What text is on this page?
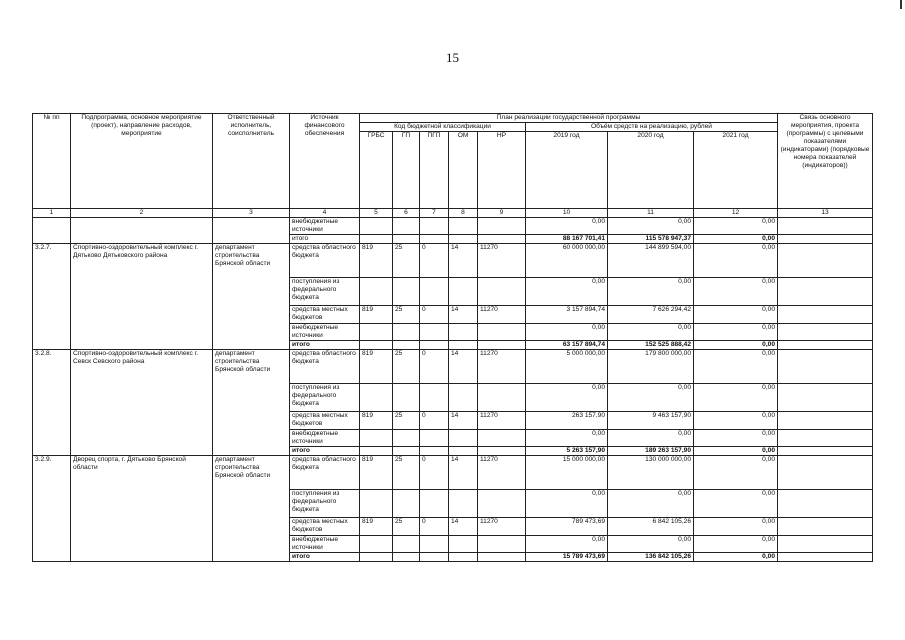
15
№ пп	Подпрограмма, основное мероприятие (проект), направление расходов, мероприятие	Ответственный исполнитель, соисполнитель	Источник финансового обеспечения	План реализации государственной программы								Связь основного мероприятия, проекта (программы) с целевыми показателями (индикаторами) (порядковые номера показателей (индикаторов))
				Код бюджетной классификации					Объём средств на реализацию, рублей			
				ГРБС	ГП	ПГП	ОМ	НР	2019 год	2020 год	2021 год	
1	2	3	4	5	6	7	8	9	10	11	12	13
			внебюджетные источники						0,00	0,00	0,00	
			итого						88 167 701,41	115 578 947,37	0,00	
3.2.7.	Спортивно-оздоровительный комплекс г. Дятьково Дятьковского района	департамент строительства Брянской области	средства областного бюджета	819	25	0	14	11270	60 000 000,00	144 899 594,00	0,00	
			поступления из федерального бюджета						0,00	0,00	0,00	
			средства местных бюджетов	819	25	0	14	11270	3 157 894,74	7 626 294,42	0,00	
			внебюджетные источники						0,00	0,00	0,00	
			итого						63 157 894,74	152 525 888,42	0,00	
3.2.8.	Спортивно-оздоровительный комплекс г. Севск Севского района	департамент строительства Брянской области	средства областного бюджета	819	25	0	14	11270	5 000 000,00	179 800 000,00	0,00	
			поступления из федерального бюджета						0,00	0,00	0,00	
			средства местных бюджетов	819	25	0	14	11270	263 157,90	9 463 157,90	0,00	
			внебюджетные источники						0,00	0,00	0,00	
			итого						5 263 157,90	189 263 157,90	0,00	
3.2.9.	Дворец спорта, г. Дятьково Брянской области	департамент строительства Брянской области	средства областного бюджета	819	25	0	14	11270	15 000 000,00	130 000 000,00	0,00	
			поступления из федерального бюджета						0,00	0,00	0,00	
			средства местных бюджетов	819	25	0	14	11270	789 473,69	6 842 105,26	0,00	
			внебюджетные источники						0,00	0,00	0,00	
			итого						15 789 473,69	136 842 105,26	0,00	
